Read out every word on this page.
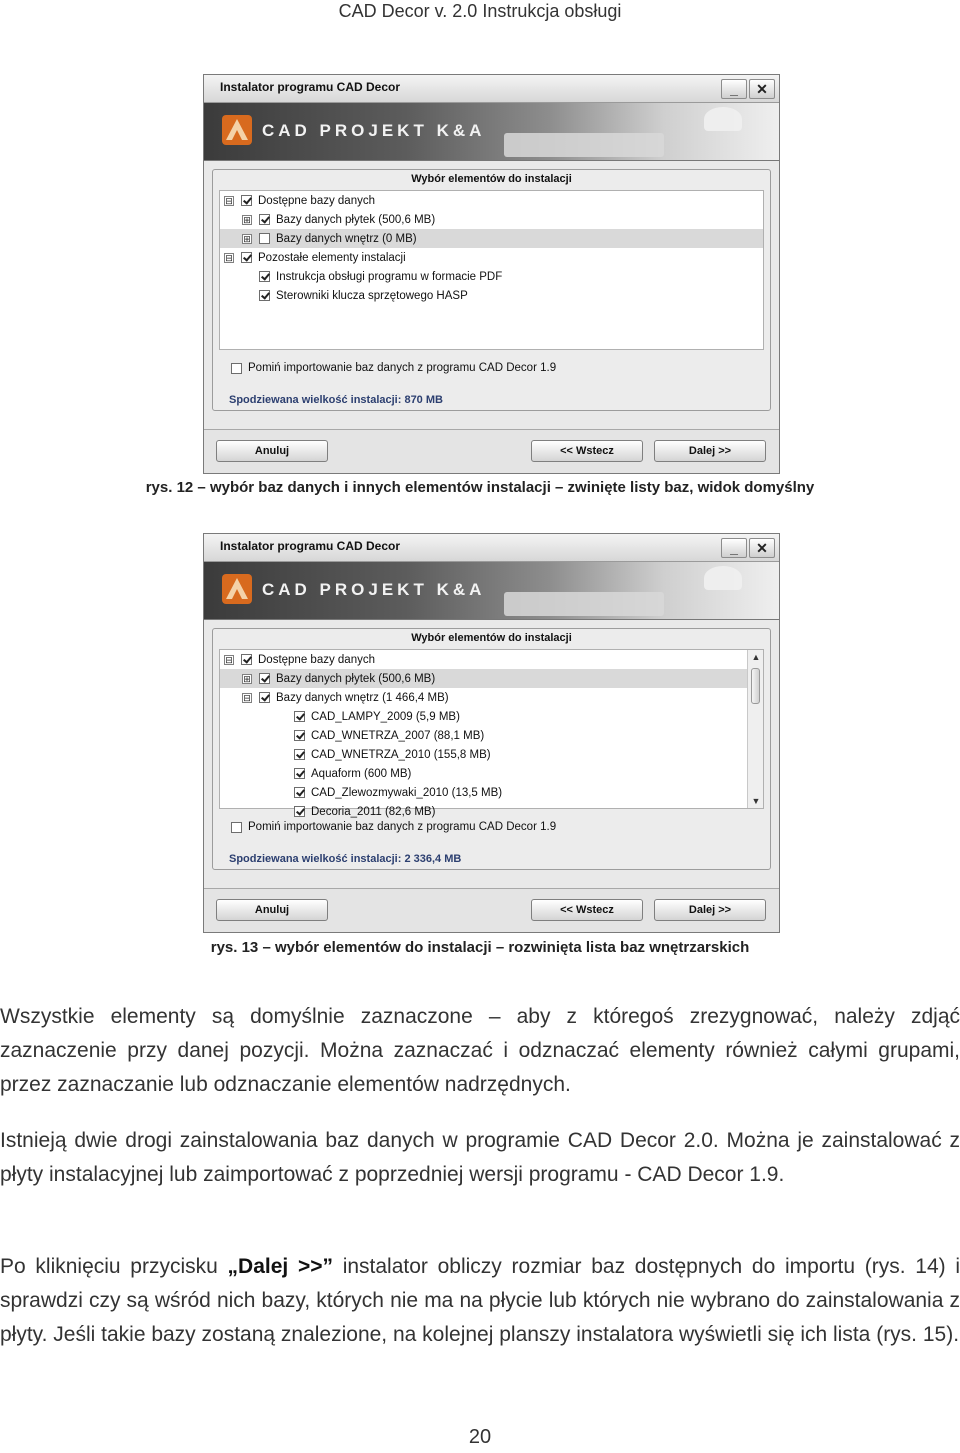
CAD Decor v. 2.0 Instrukcja obsługi
Instalator programu CAD Decor	_	✕
CAD PROJEKT K&A
Wybór elementów do instalacji
⊟ Dostępne bazy danych
⊞ Bazy danych płytek (500,6 MB)
⊞ Bazy danych wnętrz (0 MB)
⊟ Pozostałe elementy instalacji
Instrukcja obsługi programu w formacie PDF
Sterowniki klucza sprzętowego HASP
Pomiń importowanie baz danych z programu CAD Decor 1.9
Spodziewana wielkość instalacji: 870 MB
Anuluj	<< Wstecz	Dalej >>
rys. 12 – wybór baz danych i innych elementów instalacji – zwinięte listy baz, widok domyślny
Instalator programu CAD Decor	_	✕
CAD PROJEKT K&A
Wybór elementów do instalacji
⊟ Dostępne bazy danych
⊞ Bazy danych płytek (500,6 MB)
⊟ Bazy danych wnętrz (1 466,4 MB)
CAD_LAMPY_2009 (5,9 MB)
CAD_WNETRZA_2007 (88,1 MB)
CAD_WNETRZA_2010 (155,8 MB)
Aquaform (600 MB)
CAD_Zlewozmywaki_2010 (13,5 MB)
Decoria_2011 (82,6 MB)
▲
▼
Pomiń importowanie baz danych z programu CAD Decor 1.9
Spodziewana wielkość instalacji: 2 336,4 MB
Anuluj	<< Wstecz	Dalej >>
rys. 13 – wybór elementów do instalacji – rozwinięta lista baz wnętrzarskich

Wszystkie elementy są domyślnie zaznaczone – aby z któregoś zrezygnować, należy zdjąć zaznaczenie przy danej pozycji. Można zaznaczać i odznaczać elementy również całymi grupami, przez zaznaczanie lub odznaczanie elementów nadrzędnych.

Istnieją dwie drogi zainstalowania baz danych w programie CAD Decor 2.0. Można je zainstalować z płyty instalacyjnej lub zaimportować z poprzedniej wersji programu - CAD Decor 1.9.

Po kliknięciu przycisku „Dalej >>” instalator obliczy rozmiar baz dostępnych do importu (rys. 14) i sprawdzi czy są wśród nich bazy, których nie ma na płycie lub których nie wybrano do zainstalowania z płyty. Jeśli takie bazy zostaną znalezione, na kolejnej planszy instalatora wyświetli się ich lista (rys. 15).

20
